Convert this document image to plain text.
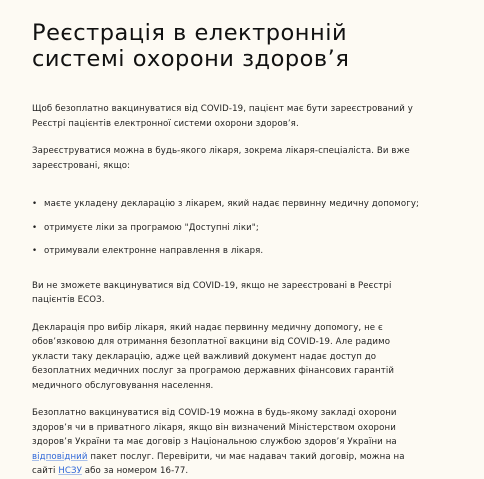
Реєстрація в електронній
системі охорони здоров’я

Щоб безоплатно вакцинуватися від COVID-19, пацієнт має бути зареєстрований у
Реєстрі пацієнтів електронної системи охорони здоров’я.

Зареєструватися можна в будь-якого лікаря, зокрема лікаря-спеціаліста. Ви вже
зареєстровані, якщо:

• маєте укладену декларацію з лікарем, який надає первинну медичну допомогу;
• отримуєте ліки за програмою "Доступні ліки";
• отримували електронне направлення в лікаря.

Ви не зможете вакцинуватися від COVID-19, якщо не зареєстровані в Реєстрі
пацієнтів ЕСОЗ.

Декларація про вибір лікаря, який надає первинну медичну допомогу, не є
обов’язковою для отримання безоплатної вакцини від COVID-19. Але радимо
укласти таку декларацію, адже цей важливий документ надає доступ до
безоплатних медичних послуг за програмою державних фінансових гарантій
медичного обслуговування населення.

Безоплатно вакцинуватися від COVID-19 можна в будь-якому закладі охорони
здоров’я чи в приватного лікаря, якщо він визначений Міністерством охорони
здоров’я України та має договір з Національною службою здоров’я України на
відповідний пакет послуг. Перевірити, чи має надавач такий договір, можна на
сайті НСЗУ або за номером 16-77.
